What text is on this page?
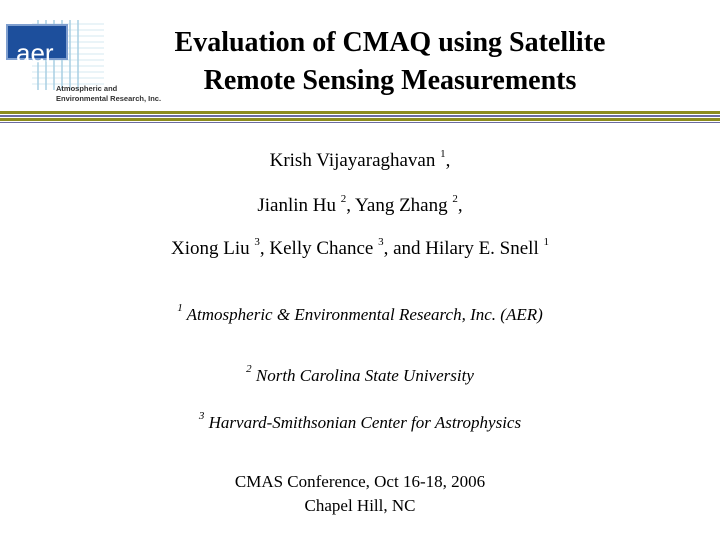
aer
Atmospheric and
Environmental Research, Inc.
Evaluation of CMAQ using Satellite
Remote Sensing Measurements
Krish Vijayaraghavan $^1$,
Jianlin Hu $^2$, Yang Zhang $^2$,
Xiong Liu $^3$, Kelly Chance $^3$, and Hilary E. Snell $^1$
$^1$ Atmospheric & Environmental Research, Inc. (AER)
$^2$ North Carolina State University
$^3$ Harvard-Smithsonian Center for Astrophysics
CMAS Conference, Oct 16-18, 2006
Chapel Hill, NC
